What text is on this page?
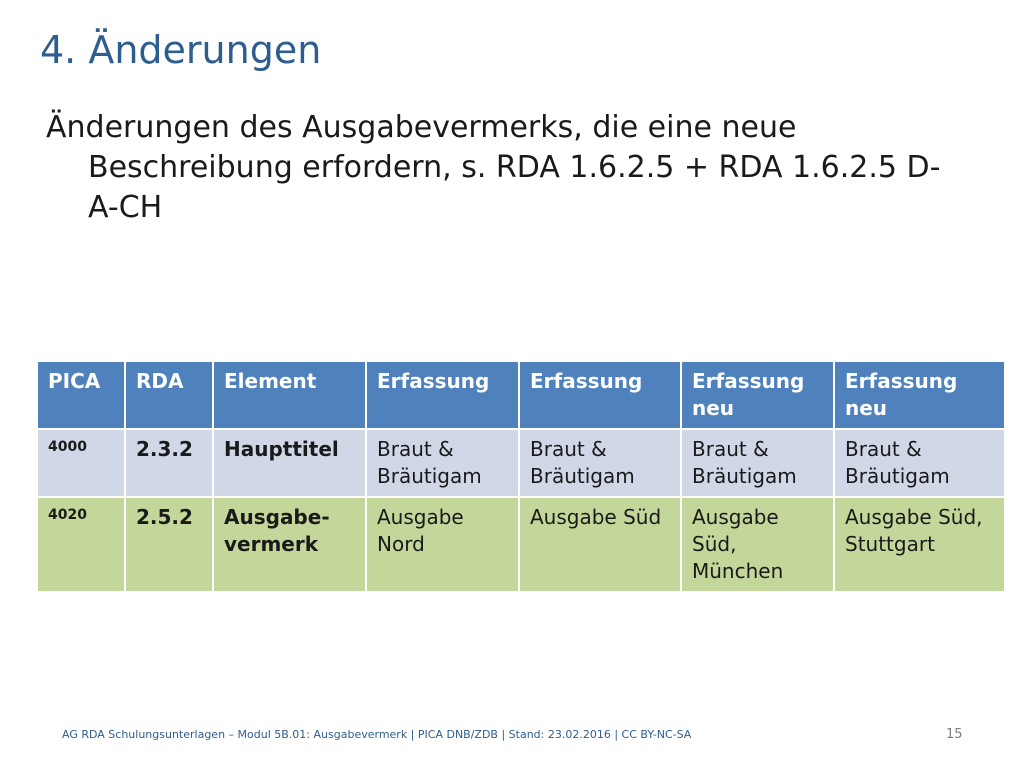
4. Änderungen

Änderungen des Ausgabevermerks, die eine neue Beschreibung erfordern, s. RDA 1.6.2.5 + RDA 1.6.2.5 D-A-CH

PICA	RDA	Element	Erfassung	Erfassung	Erfassung neu	Erfassung neu
4000	2.3.2	Haupttitel	Braut & Bräutigam	Braut & Bräutigam	Braut & Bräutigam	Braut & Bräutigam
4020	2.5.2	Ausgabe-vermerk	Ausgabe Nord	Ausgabe Süd	Ausgabe Süd, München	Ausgabe Süd, Stuttgart
AG RDA Schulungsunterlagen – Modul 5B.01: Ausgabevermerk | PICA DNB/ZDB | Stand: 23.02.2016 | CC BY-NC-SA	15
